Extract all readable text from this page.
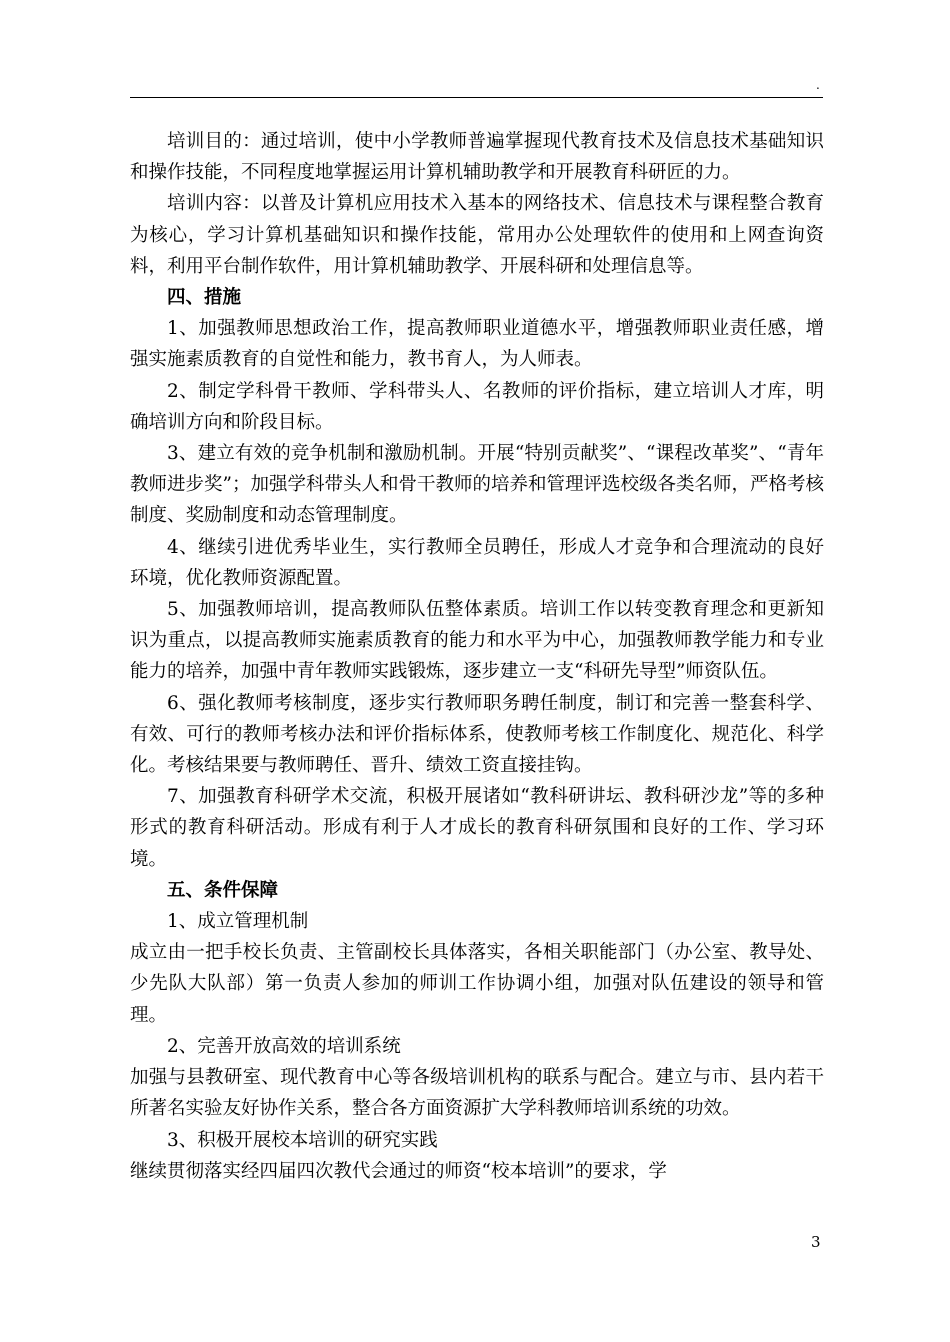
.

培训目的：通过培训，使中小学教师普遍掌握现代教育技术及信息技术基础知识和操作技能，不同程度地掌握运用计算机辅助教学和开展教育科研匠的力。

培训内容：以普及计算机应用技术入基本的网络技术、信息技术与课程整合教育为核心，学习计算机基础知识和操作技能，常用办公处理软件的使用和上网查询资料，利用平台制作软件，用计算机辅助教学、开展科研和处理信息等。

四、措施

1、加强教师思想政治工作，提高教师职业道德水平，增强教师职业责任感，增强实施素质教育的自觉性和能力，教书育人，为人师表。

2、制定学科骨干教师、学科带头人、名教师的评价指标，建立培训人才库，明确培训方向和阶段目标。

3、建立有效的竞争机制和激励机制。开展“特别贡献奖”、“课程改革奖”、“青年教师进步奖”；加强学科带头人和骨干教师的培养和管理评选校级各类名师，严格考核制度、奖励制度和动态管理制度。

4、继续引进优秀毕业生，实行教师全员聘任，形成人才竞争和合理流动的良好环境，优化教师资源配置。

5、加强教师培训，提高教师队伍整体素质。培训工作以转变教育理念和更新知识为重点，以提高教师实施素质教育的能力和水平为中心，加强教师教学能力和专业能力的培养，加强中青年教师实践锻炼，逐步建立一支“科研先导型”师资队伍。

6、强化教师考核制度，逐步实行教师职务聘任制度，制订和完善一整套科学、有效、可行的教师考核办法和评价指标体系，使教师考核工作制度化、规范化、科学化。考核结果要与教师聘任、晋升、绩效工资直接挂钩。

7、加强教育科研学术交流，积极开展诸如“教科研讲坛、教科研沙龙”等的多种形式的教育科研活动。形成有利于人才成长的教育科研氛围和良好的工作、学习环境。

五、条件保障

1、成立管理机制

成立由一把手校长负责、主管副校长具体落实，各相关职能部门（办公室、教导处、少先队大队部）第一负责人参加的师训工作协调小组，加强对队伍建设的领导和管理。

2、完善开放高效的培训系统

加强与县教研室、现代教育中心等各级培训机构的联系与配合。建立与市、县内若干所著名实验友好协作关系，整合各方面资源扩大学科教师培训系统的功效。

3、积极开展校本培训的研究实践

继续贯彻落实经四届四次教代会通过的师资“校本培训”的要求，学

3
